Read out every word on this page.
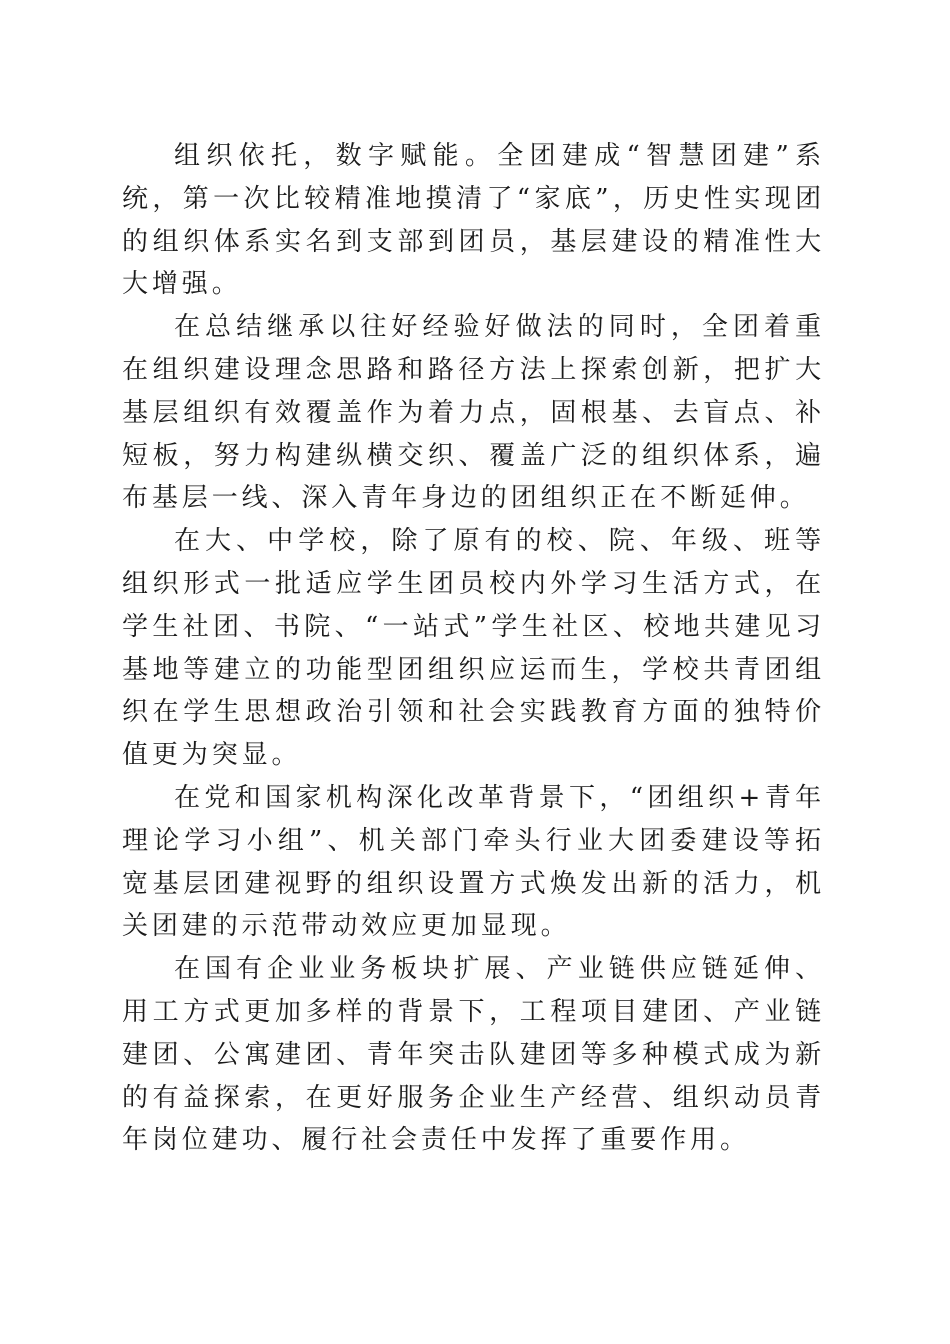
组织依托，数字赋能。全团建成“智慧团建”系统，第一次比较精准地摸清了“家底”，历史性实现团的组织体系实名到支部到团员，基层建设的精准性大大增强。

在总结继承以往好经验好做法的同时，全团着重在组织建设理念思路和路径方法上探索创新，把扩大基层组织有效覆盖作为着力点，固根基、去盲点、补短板，努力构建纵横交织、覆盖广泛的组织体系，遍布基层一线、深入青年身边的团组织正在不断延伸。

在大、中学校，除了原有的校、院、年级、班等组织形式一批适应学生团员校内外学习生活方式，在学生社团、书院、“一站式”学生社区、校地共建见习基地等建立的功能型团组织应运而生，学校共青团组织在学生思想政治引领和社会实践教育方面的独特价值更为突显。

在党和国家机构深化改革背景下，“团组织+青年理论学习小组”、机关部门牵头行业大团委建设等拓宽基层团建视野的组织设置方式焕发出新的活力，机关团建的示范带动效应更加显现。

在国有企业业务板块扩展、产业链供应链延伸、用工方式更加多样的背景下，工程项目建团、产业链建团、公寓建团、青年突击队建团等多种模式成为新的有益探索，在更好服务企业生产经营、组织动员青年岗位建功、履行社会责任中发挥了重要作用。
